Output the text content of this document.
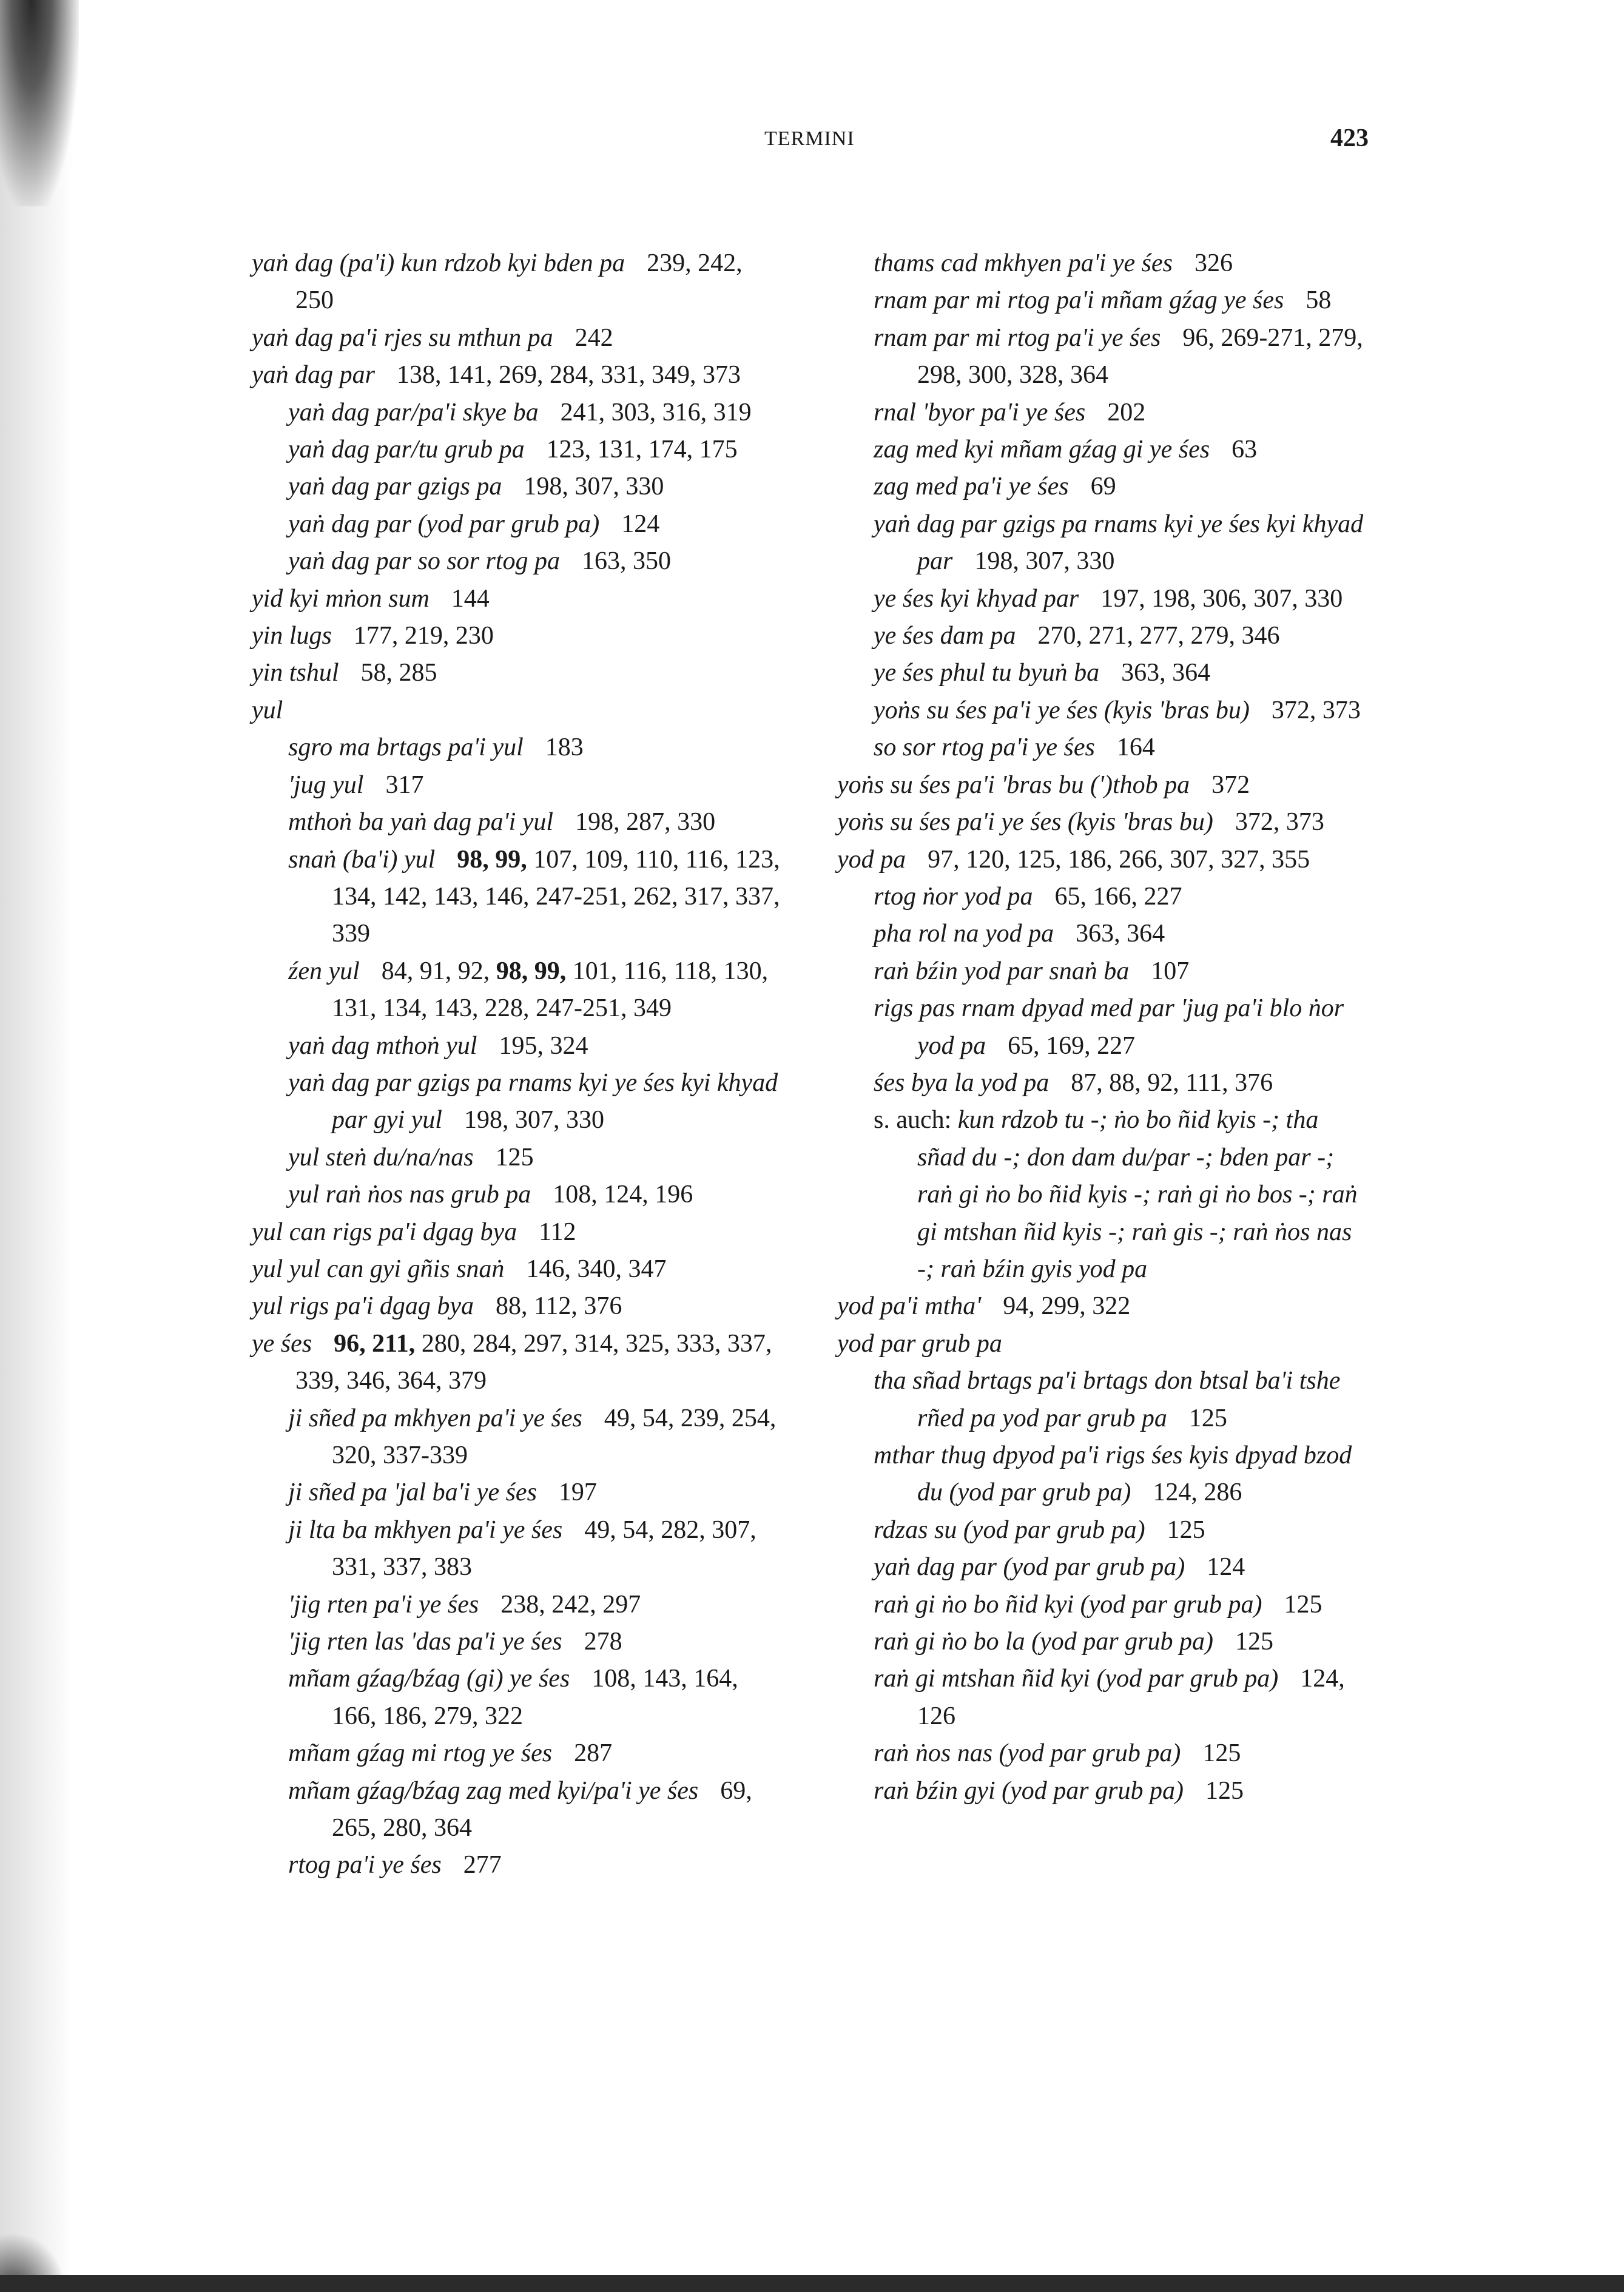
TERMINI	423
yaṅ dag (pa'i) kun rdzob kyi bden pa 239, 242, 250
yaṅ dag pa'i rjes su mthun pa 242
yaṅ dag par 138, 141, 269, 284, 331, 349, 373
yaṅ dag par/pa'i skye ba 241, 303, 316, 319
yaṅ dag par/tu grub pa 123, 131, 174, 175
yaṅ dag par gzigs pa 198, 307, 330
yaṅ dag par (yod par grub pa) 124
yaṅ dag par so sor rtog pa 163, 350
yid kyi mṅon sum 144
yin lugs 177, 219, 230
yin tshul 58, 285
yul
sgro ma brtags pa'i yul 183
'jug yul 317
mthoṅ ba yaṅ dag pa'i yul 198, 287, 330
snaṅ (ba'i) yul 98, 99, 107, 109, 110, 116, 123, 134, 142, 143, 146, 247-251, 262, 317, 337, 339
źen yul 84, 91, 92, 98, 99, 101, 116, 118, 130, 131, 134, 143, 228, 247-251, 349
yaṅ dag mthoṅ yul 195, 324
yaṅ dag par gzigs pa rnams kyi ye śes kyi khyad par gyi yul 198, 307, 330
yul steṅ du/na/nas 125
yul raṅ ṅos nas grub pa 108, 124, 196
yul can rigs pa'i dgag bya 112
yul yul can gyi gñis snaṅ 146, 340, 347
yul rigs pa'i dgag bya 88, 112, 376
ye śes 96, 211, 280, 284, 297, 314, 325, 333, 337, 339, 346, 364, 379
ji sñed pa mkhyen pa'i ye śes 49, 54, 239, 254, 320, 337-339
ji sñed pa 'jal ba'i ye śes 197
ji lta ba mkhyen pa'i ye śes 49, 54, 282, 307, 331, 337, 383
'jig rten pa'i ye śes 238, 242, 297
'jig rten las 'das pa'i ye śes 278
mñam gźag/bźag (gi) ye śes 108, 143, 164, 166, 186, 279, 322
mñam gźag mi rtog ye śes 287
mñam gźag/bźag zag med kyi/pa'i ye śes 69, 265, 280, 364
rtog pa'i ye śes 277
thams cad mkhyen pa'i ye śes 326
rnam par mi rtog pa'i mñam gźag ye śes 58
rnam par mi rtog pa'i ye śes 96, 269-271, 279, 298, 300, 328, 364
rnal 'byor pa'i ye śes 202
zag med kyi mñam gźag gi ye śes 63
zag med pa'i ye śes 69
yaṅ dag par gzigs pa rnams kyi ye śes kyi khyad par 198, 307, 330
ye śes kyi khyad par 197, 198, 306, 307, 330
ye śes dam pa 270, 271, 277, 279, 346
ye śes phul tu byuṅ ba 363, 364
yoṅs su śes pa'i ye śes (kyis 'bras bu) 372, 373
so sor rtog pa'i ye śes 164
yoṅs su śes pa'i 'bras bu (')thob pa 372
yoṅs su śes pa'i ye śes (kyis 'bras bu) 372, 373
yod pa 97, 120, 125, 186, 266, 307, 327, 355
rtog ṅor yod pa 65, 166, 227
pha rol na yod pa 363, 364
raṅ bźin yod par snaṅ ba 107
rigs pas rnam dpyad med par 'jug pa'i blo ṅor yod pa 65, 169, 227
śes bya la yod pa 87, 88, 92, 111, 376
s. auch: kun rdzob tu -; ṅo bo ñid kyis -; tha sñad du -; don dam du/par -; bden par -; raṅ gi ṅo bo ñid kyis -; raṅ gi ṅo bos -; raṅ gi mtshan ñid kyis -; raṅ gis -; raṅ ṅos nas -; raṅ bźin gyis yod pa
yod pa'i mtha' 94, 299, 322
yod par grub pa
tha sñad brtags pa'i brtags don btsal ba'i tshe rñed pa yod par grub pa 125
mthar thug dpyod pa'i rigs śes kyis dpyad bzod du (yod par grub pa) 124, 286
rdzas su (yod par grub pa) 125
yaṅ dag par (yod par grub pa) 124
raṅ gi ṅo bo ñid kyi (yod par grub pa) 125
raṅ gi ṅo bo la (yod par grub pa) 125
raṅ gi mtshan ñid kyi (yod par grub pa) 124, 126
raṅ ṅos nas (yod par grub pa) 125
raṅ bźin gyi (yod par grub pa) 125
